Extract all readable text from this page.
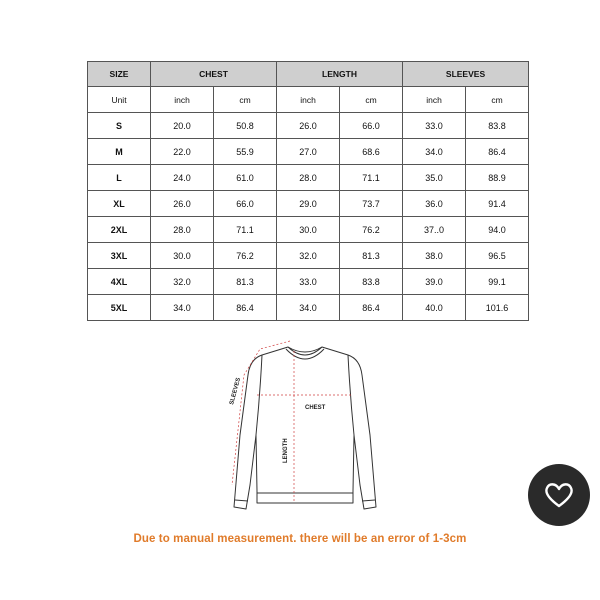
SIZE	CHEST		LENGTH		SLEEVES	
Unit	inch	cm	inch	cm	inch	cm
S	20.0	50.8	26.0	66.0	33.0	83.8
M	22.0	55.9	27.0	68.6	34.0	86.4
L	24.0	61.0	28.0	71.1	35.0	88.9
XL	26.0	66.0	29.0	73.7	36.0	91.4
2XL	28.0	71.1	30.0	76.2	37..0	94.0
3XL	30.0	76.2	32.0	81.3	38.0	96.5
4XL	32.0	81.3	33.0	83.8	39.0	99.1
5XL	34.0	86.4	34.0	86.4	40.0	101.6
SLEEVES
CHEST
LENGTH
Due to manual measurement. there will be an error of 1-3cm
